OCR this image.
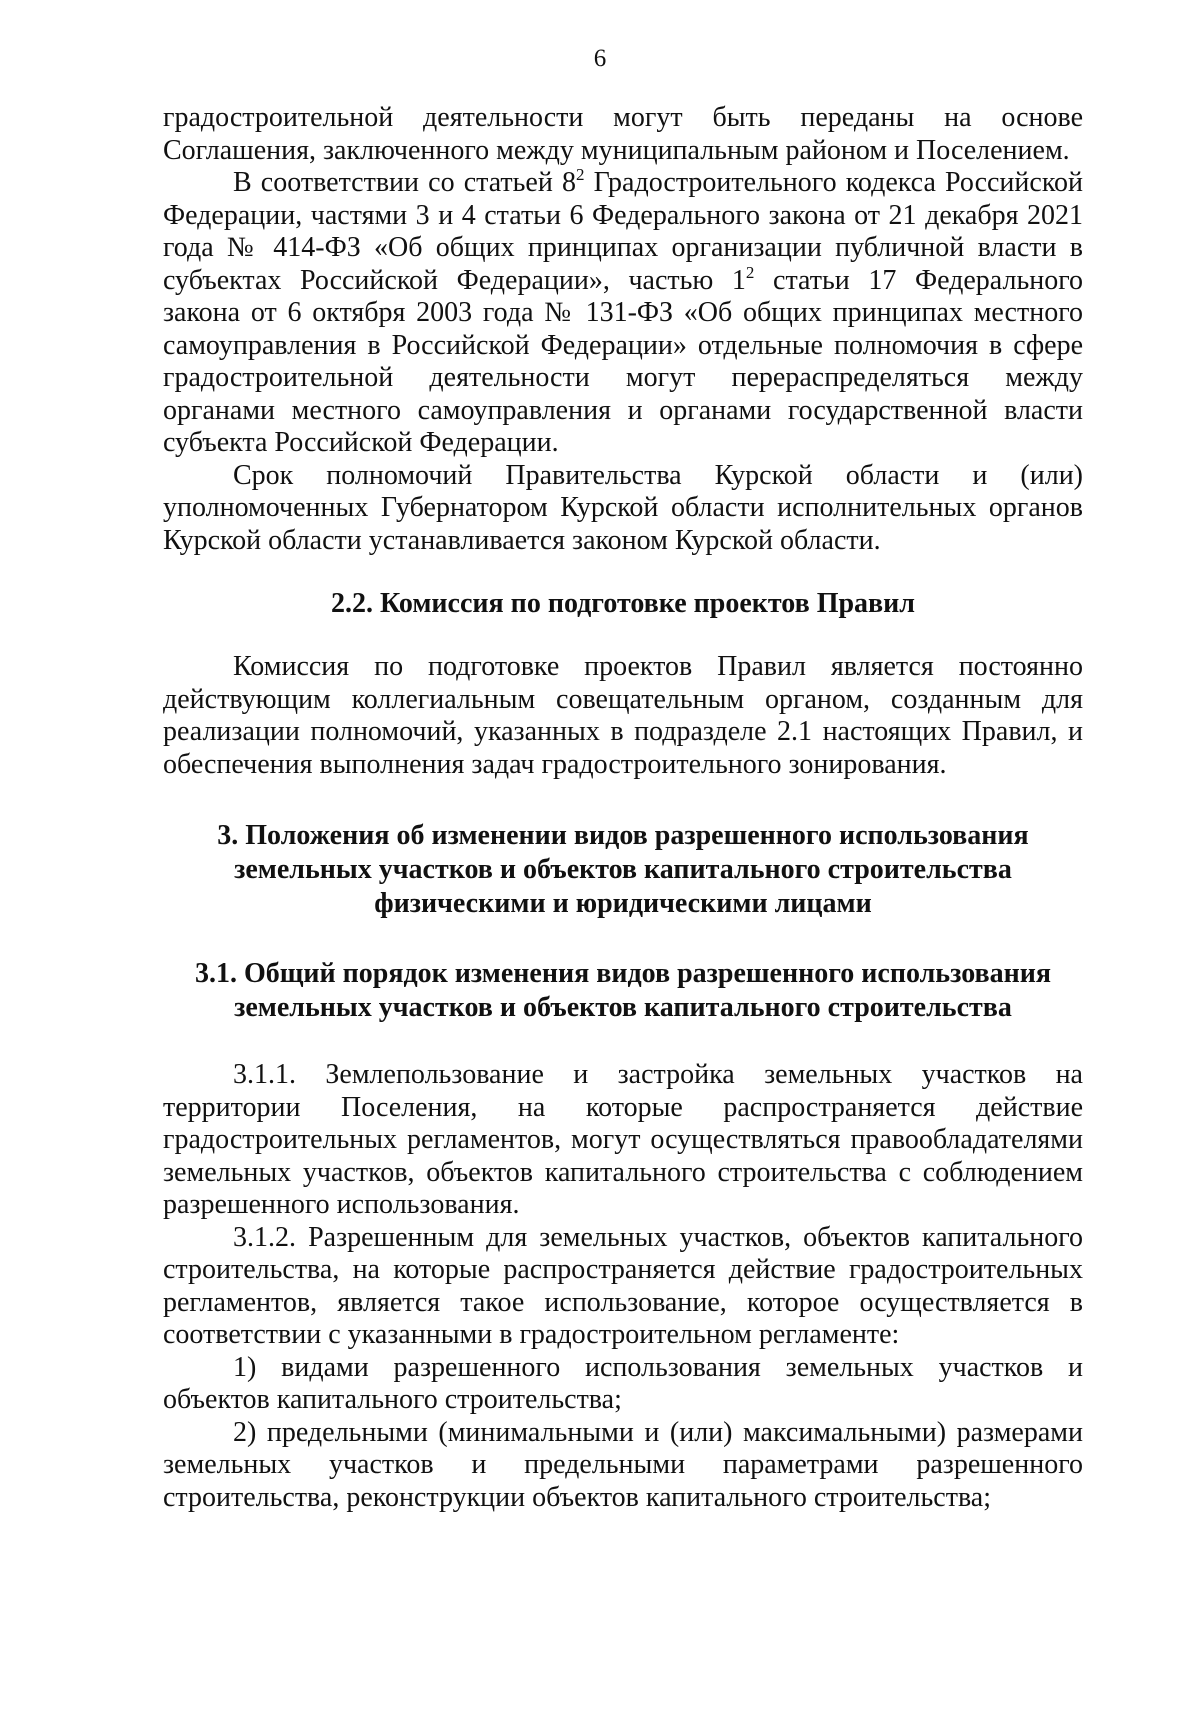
6

градостроительной деятельности могут быть переданы на основе Соглашения, заключенного между муниципальным районом и Поселением.

В соответствии со статьей $8^2$ Градостроительного кодекса Российской Федерации, частями 3 и 4 статьи 6 Федерального закона от 21 декабря 2021 года № 414-ФЗ «Об общих принципах организации публичной власти в субъектах Российской Федерации», частью $1^2$ статьи 17 Федерального закона от 6 октября 2003 года № 131-ФЗ «Об общих принципах местного самоуправления в Российской Федерации» отдельные полномочия в сфере градостроительной деятельности могут перераспределяться между органами местного самоуправления и органами государственной власти субъекта Российской Федерации.

Срок полномочий Правительства Курской области и (или) уполномоченных Губернатором Курской области исполнительных органов Курской области устанавливается законом Курской области.

2.2. Комиссия по подготовке проектов Правил

Комиссия по подготовке проектов Правил является постоянно действующим коллегиальным совещательным органом, созданным для реализации полномочий, указанных в подразделе 2.1 настоящих Правил, и обеспечения выполнения задач градостроительного зонирования.

3. Положения об изменении видов разрешенного использования
земельных участков и объектов капитального строительства
физическими и юридическими лицами
3.1. Общий порядок изменения видов разрешенного использования
земельных участков и объектов капитального строительства

3.1.1. Землепользование и застройка земельных участков на территории Поселения, на которые распространяется действие градостроительных регламентов, могут осуществляться правообладателями земельных участков, объектов капитального строительства с соблюдением разрешенного использования.

3.1.2. Разрешенным для земельных участков, объектов капитального строительства, на которые распространяется действие градостроительных регламентов, является такое использование, которое осуществляется в соответствии с указанными в градостроительном регламенте:

1) видами разрешенного использования земельных участков и объектов капитального строительства;

2) предельными (минимальными и (или) максимальными) размерами земельных участков и предельными параметрами разрешенного строительства, реконструкции объектов капитального строительства;
